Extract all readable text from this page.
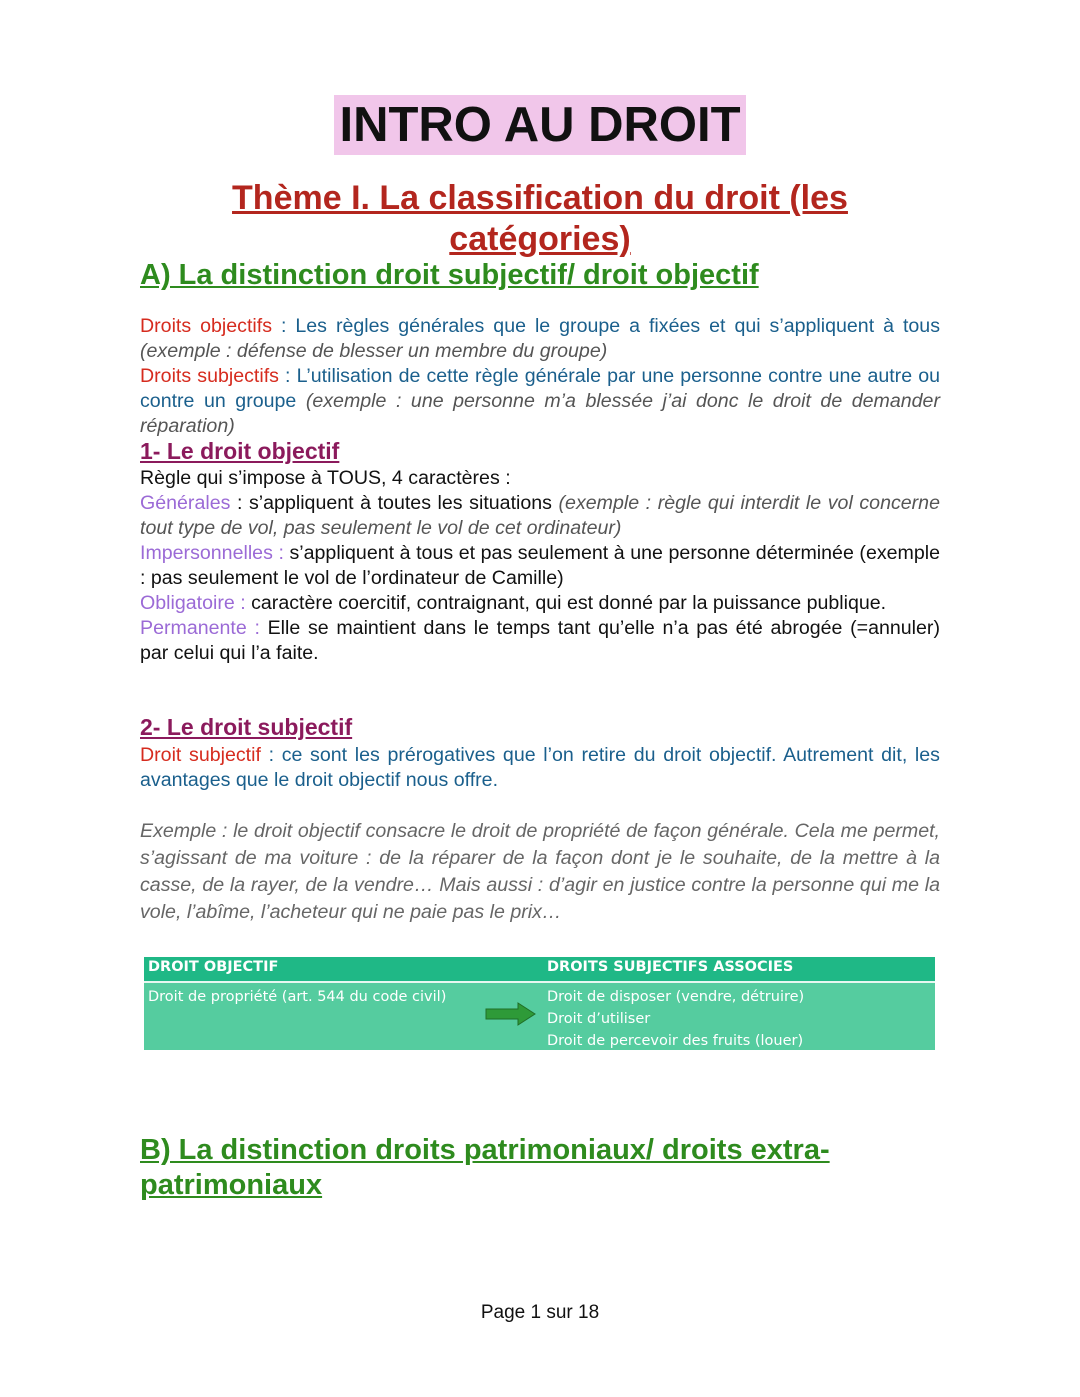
INTRO AU DROIT
Thème I. La classification du droit (les catégories)
A) La distinction droit subjectif/ droit objectif

Droits objectifs : Les règles générales que le groupe a fixées et qui s’appliquent à tous (exemple : défense de blesser un membre du groupe)

Droits subjectifs : L’utilisation de cette règle générale par une personne contre une autre ou contre un groupe (exemple : une personne m’a blessée j’ai donc le droit de demander réparation)

1- Le droit objectif

Règle qui s’impose à TOUS, 4 caractères :

Générales : s’appliquent à toutes les situations (exemple : règle qui interdit le vol concerne tout type de vol, pas seulement le vol de cet ordinateur)

Impersonnelles : s’appliquent à tous et pas seulement à une personne déterminée (exemple : pas seulement le vol de l’ordinateur de Camille)

Obligatoire : caractère coercitif, contraignant, qui est donné par la puissance publique.

Permanente : Elle se maintient dans le temps tant qu’elle n’a pas été abrogée (=annuler) par celui qui l’a faite.

2- Le droit subjectif

Droit subjectif : ce sont les prérogatives que l’on retire du droit objectif. Autrement dit, les avantages que le droit objectif nous offre.

Exemple : le droit objectif consacre le droit de propriété de façon générale. Cela me permet, s’agissant de ma voiture : de la réparer de la façon dont je le souhaite, de la mettre à la casse, de la rayer, de la vendre… Mais aussi : d’agir en justice contre la personne qui me la vole, l’abîme, l’acheteur qui ne paie pas le prix…

DROIT OBJECTIF	DROITS SUBJECTIFS ASSOCIES
Droit de propriété (art. 544 du code civil)	Droit de disposer (vendre, détruire)
Droit d’utiliser
Droit de percevoir des fruits (louer)
B) La distinction droits patrimoniaux/ droits extra-
patrimoniaux
Page 1 sur 18
